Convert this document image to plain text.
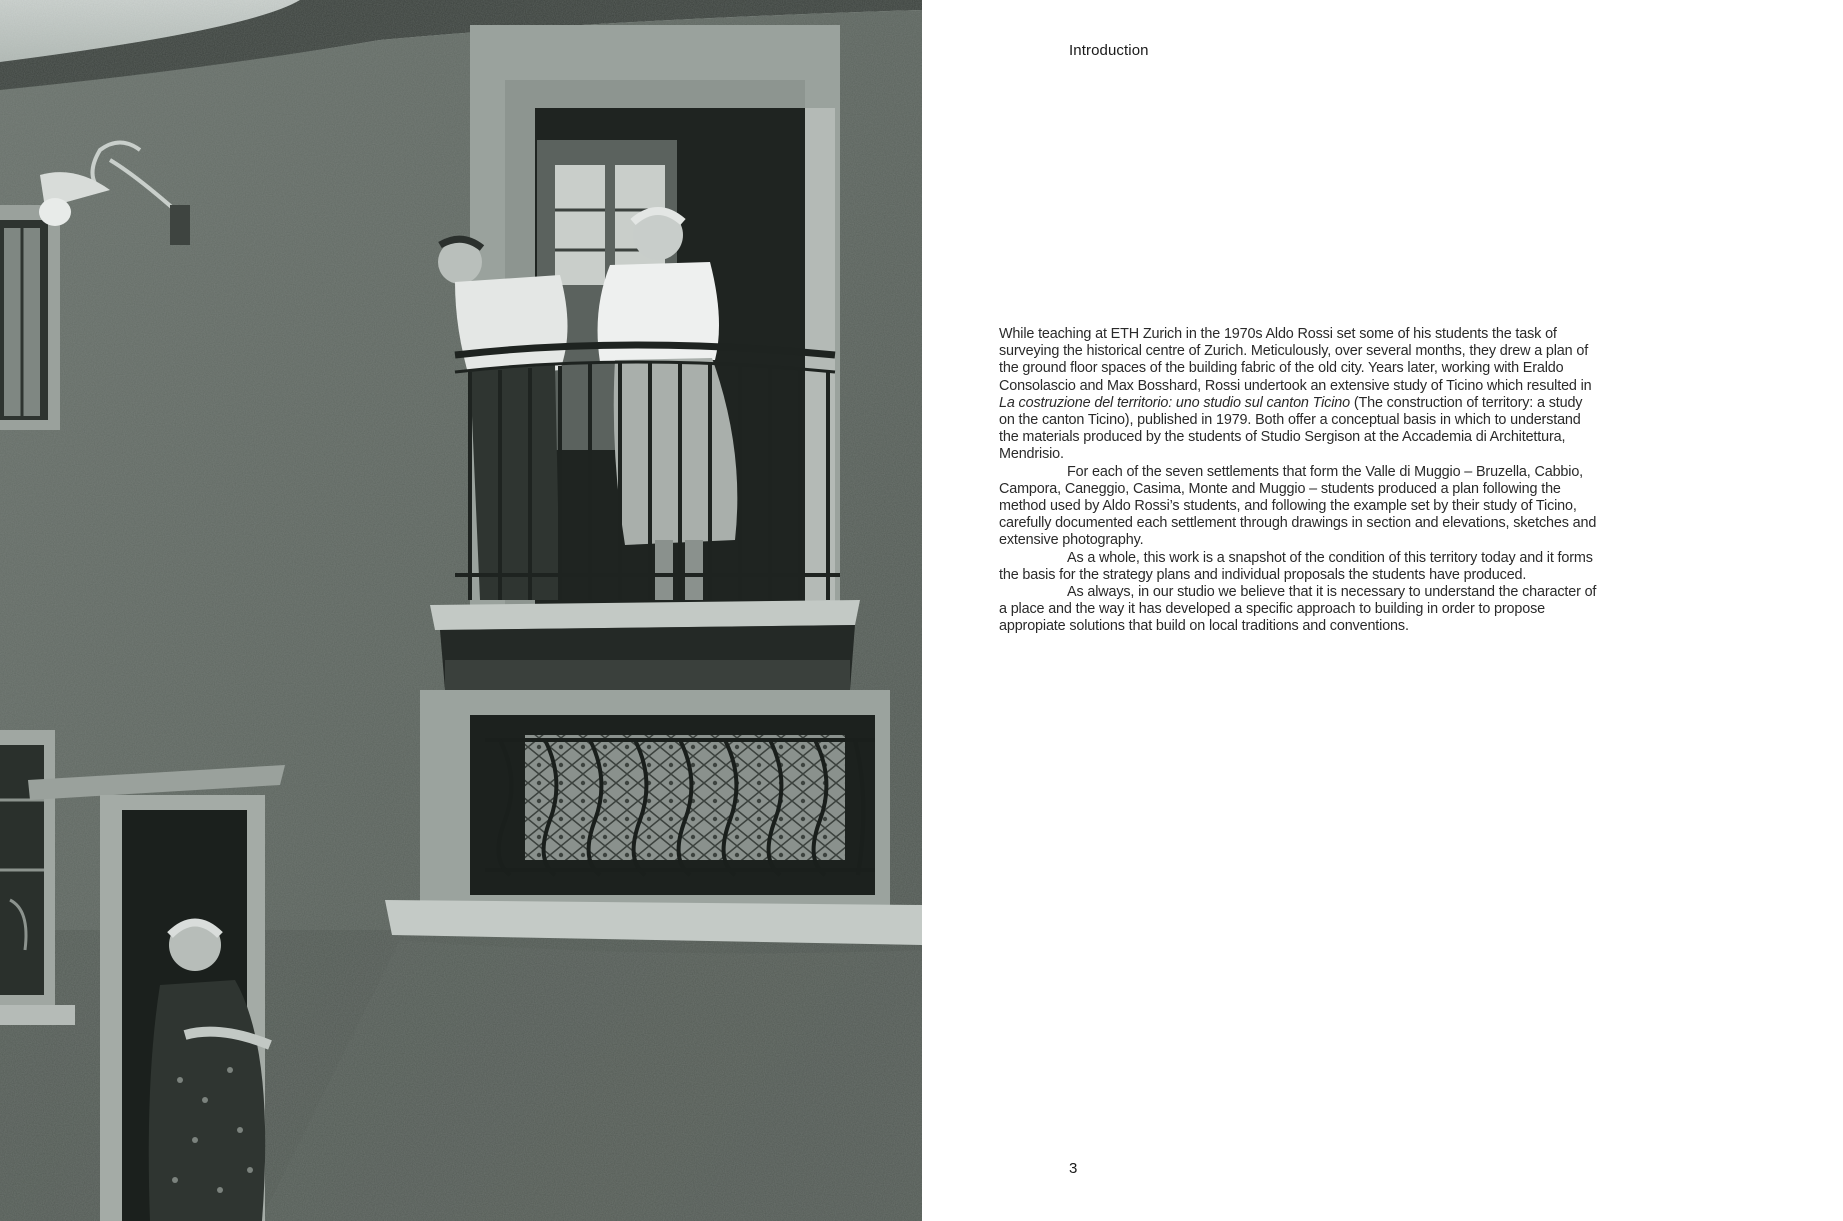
Introduction

While teaching at ETH Zurich in the 1970s Aldo Rossi set some of his students the task of surveying the historical centre of Zurich. Meticulously, over several months, they drew a plan of the ground floor spaces of the building fabric of the old city. Years later, working with Eraldo Consolascio and Max Bosshard, Rossi undertook an extensive study of Ticino which resulted in La costruzione del territorio: uno studio sul canton Ticino (The construction of territory: a study on the canton Ticino), published in 1979. Both offer a conceptual basis in which to understand the materials produced by the students of Studio Sergison at the Accademia di Architettura, Mendrisio.

For each of the seven settlements that form the Valle di Muggio – Bruzella, Cabbio, Campora, Caneggio, Casima, Monte and Muggio – students produced a plan following the method used by Aldo Rossi’s students, and following the example set by their study of Ticino, carefully documented each settlement through drawings in section and elevations, sketches and extensive photography.

As a whole, this work is a snapshot of the condition of this territory today and it forms the basis for the strategy plans and individual proposals the students have produced.

As always, in our studio we believe that it is necessary to understand the character of a place and the way it has developed a specific approach to building in order to propose appropiate solutions that build on local traditions and conventions.

3
